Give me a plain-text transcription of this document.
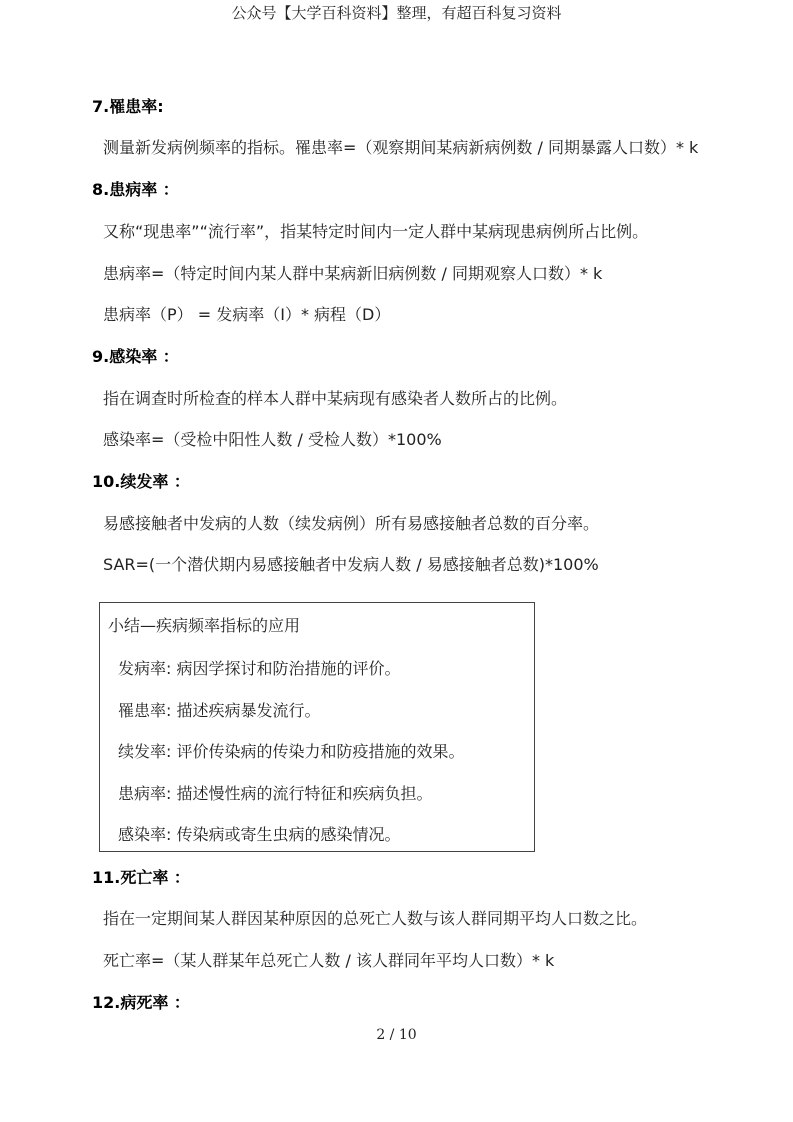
公众号【大学百科资料】整理，有超百科复习资料
7.罹患率:
测量新发病例频率的指标。罹患率=（观察期间某病新病例数 / 同期暴露人口数）* k
8.患病率 ：
又称“现患率”“流行率”，指某特定时间内一定人群中某病现患病例所占比例。
患病率=（特定时间内某人群中某病新旧病例数 / 同期观察人口数）* k
患病率（P） = 发病率（I）* 病程（D）
9.感染率 ：
指在调查时所检查的样本人群中某病现有感染者人数所占的比例。
感染率=（受检中阳性人数 / 受检人数）*100%
10.续发率 ：
易感接触者中发病的人数（续发病例）所有易感接触者总数的百分率。
SAR=(一个潜伏期内易感接触者中发病人数 / 易感接触者总数)*100%
小结—疾病频率指标的应用
发病率: 病因学探讨和防治措施的评价。
罹患率: 描述疾病暴发流行。
续发率: 评价传染病的传染力和防疫措施的效果。
患病率: 描述慢性病的流行特征和疾病负担。
感染率: 传染病或寄生虫病的感染情况。
11.死亡率 ：
指在一定期间某人群因某种原因的总死亡人数与该人群同期平均人口数之比。
死亡率=（某人群某年总死亡人数 / 该人群同年平均人口数）* k
12.病死率 ：
2 / 10
